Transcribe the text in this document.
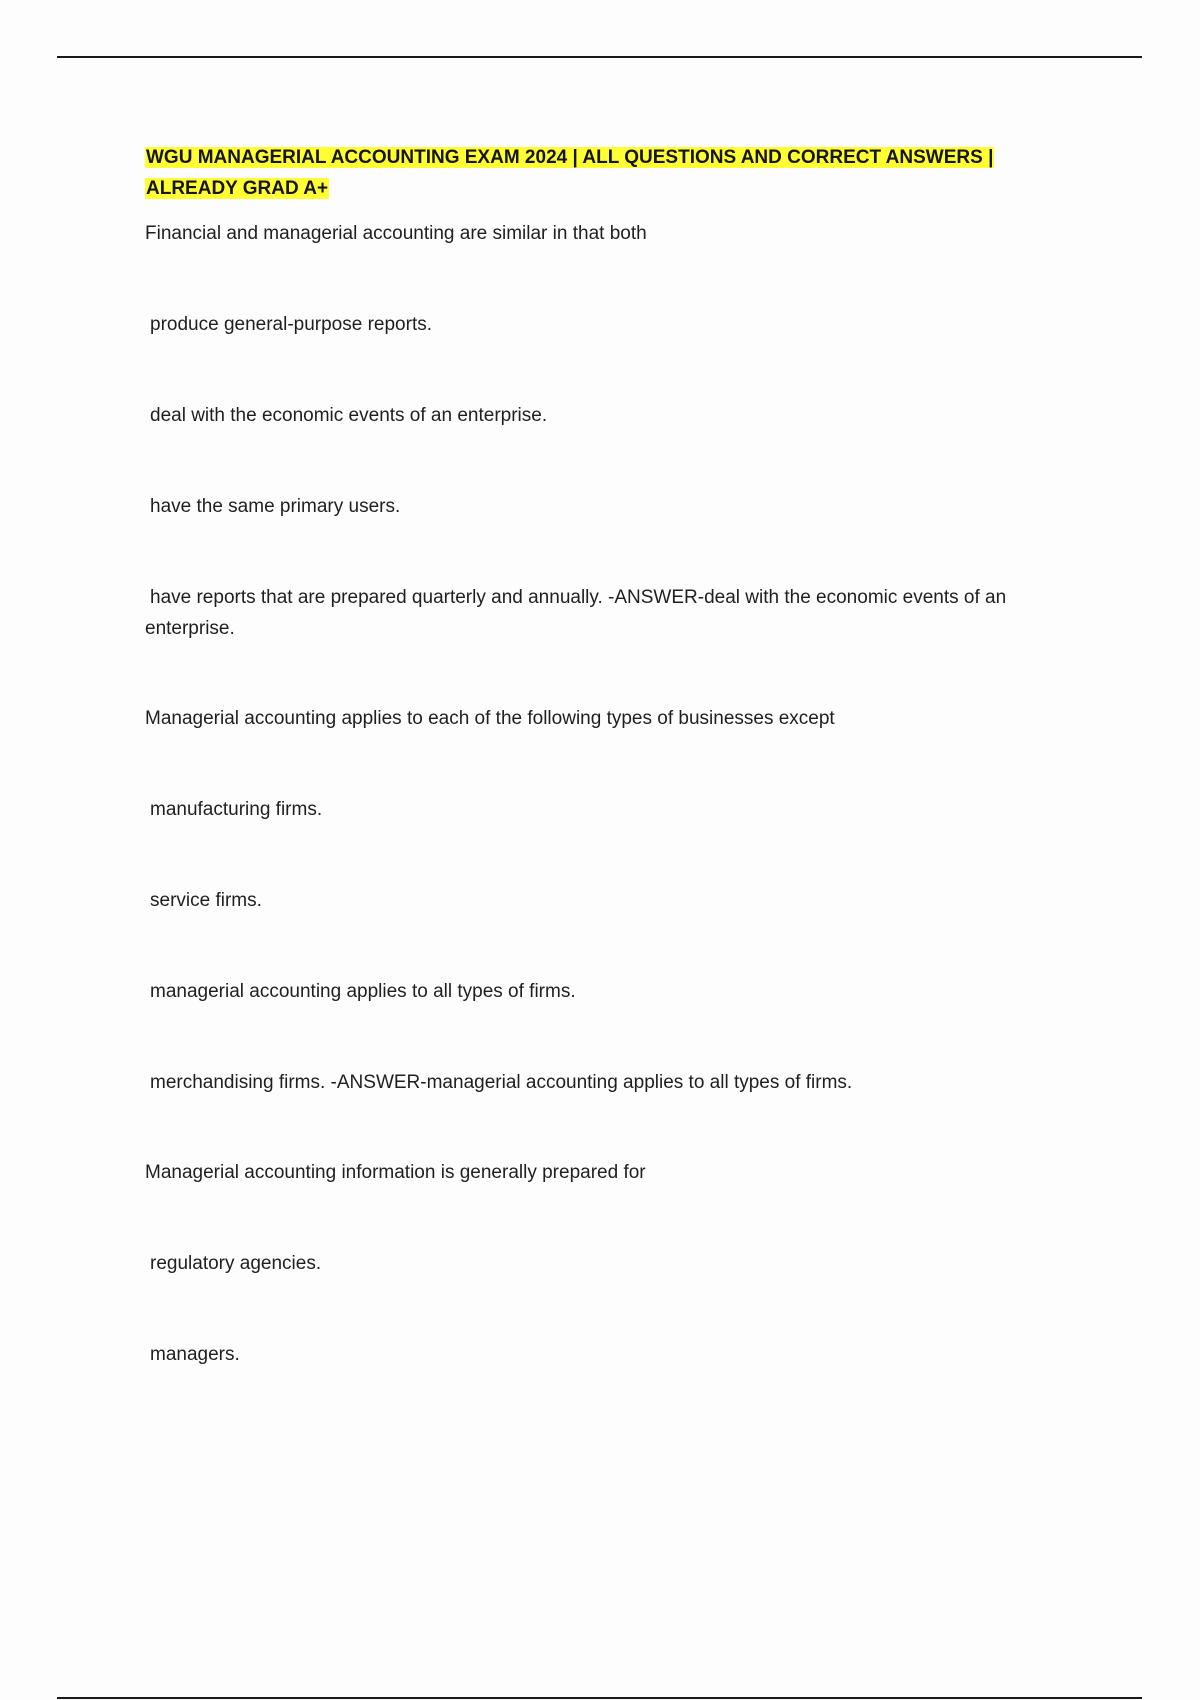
WGU MANAGERIAL ACCOUNTING EXAM 2024 | ALL QUESTIONS AND CORRECT ANSWERS | ALREADY GRAD A+

Financial and managerial accounting are similar in that both

produce general-purpose reports.

deal with the economic events of an enterprise.

have the same primary users.

have reports that are prepared quarterly and annually. -ANSWER-deal with the economic events of an enterprise.

Managerial accounting applies to each of the following types of businesses except

manufacturing firms.

service firms.

managerial accounting applies to all types of firms.

merchandising firms. -ANSWER-managerial accounting applies to all types of firms.

Managerial accounting information is generally prepared for

regulatory agencies.

managers.
